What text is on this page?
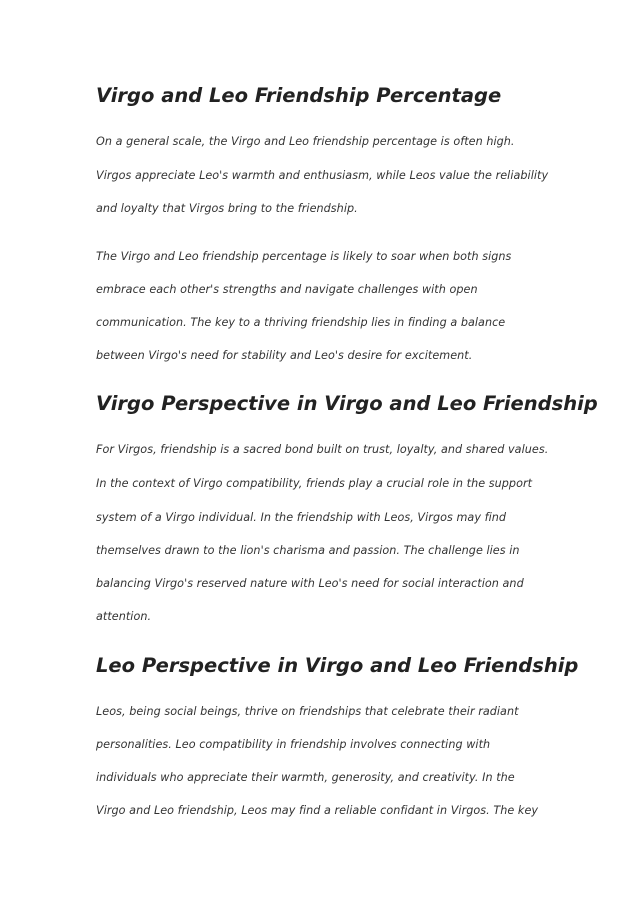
Virgo and Leo Friendship Percentage

On a general scale, the Virgo and Leo friendship percentage is often high.

Virgos appreciate Leo's warmth and enthusiasm, while Leos value the reliability

and loyalty that Virgos bring to the friendship.

The Virgo and Leo friendship percentage is likely to soar when both signs

embrace each other's strengths and navigate challenges with open

communication. The key to a thriving friendship lies in finding a balance

between Virgo's need for stability and Leo's desire for excitement.

Virgo Perspective in Virgo and Leo Friendship

For Virgos, friendship is a sacred bond built on trust, loyalty, and shared values.

In the context of Virgo compatibility, friends play a crucial role in the support

system of a Virgo individual. In the friendship with Leos, Virgos may find

themselves drawn to the lion's charisma and passion. The challenge lies in

balancing Virgo's reserved nature with Leo's need for social interaction and

attention.

Leo Perspective in Virgo and Leo Friendship

Leos, being social beings, thrive on friendships that celebrate their radiant

personalities. Leo compatibility in friendship involves connecting with

individuals who appreciate their warmth, generosity, and creativity. In the

Virgo and Leo friendship, Leos may find a reliable confidant in Virgos. The key
